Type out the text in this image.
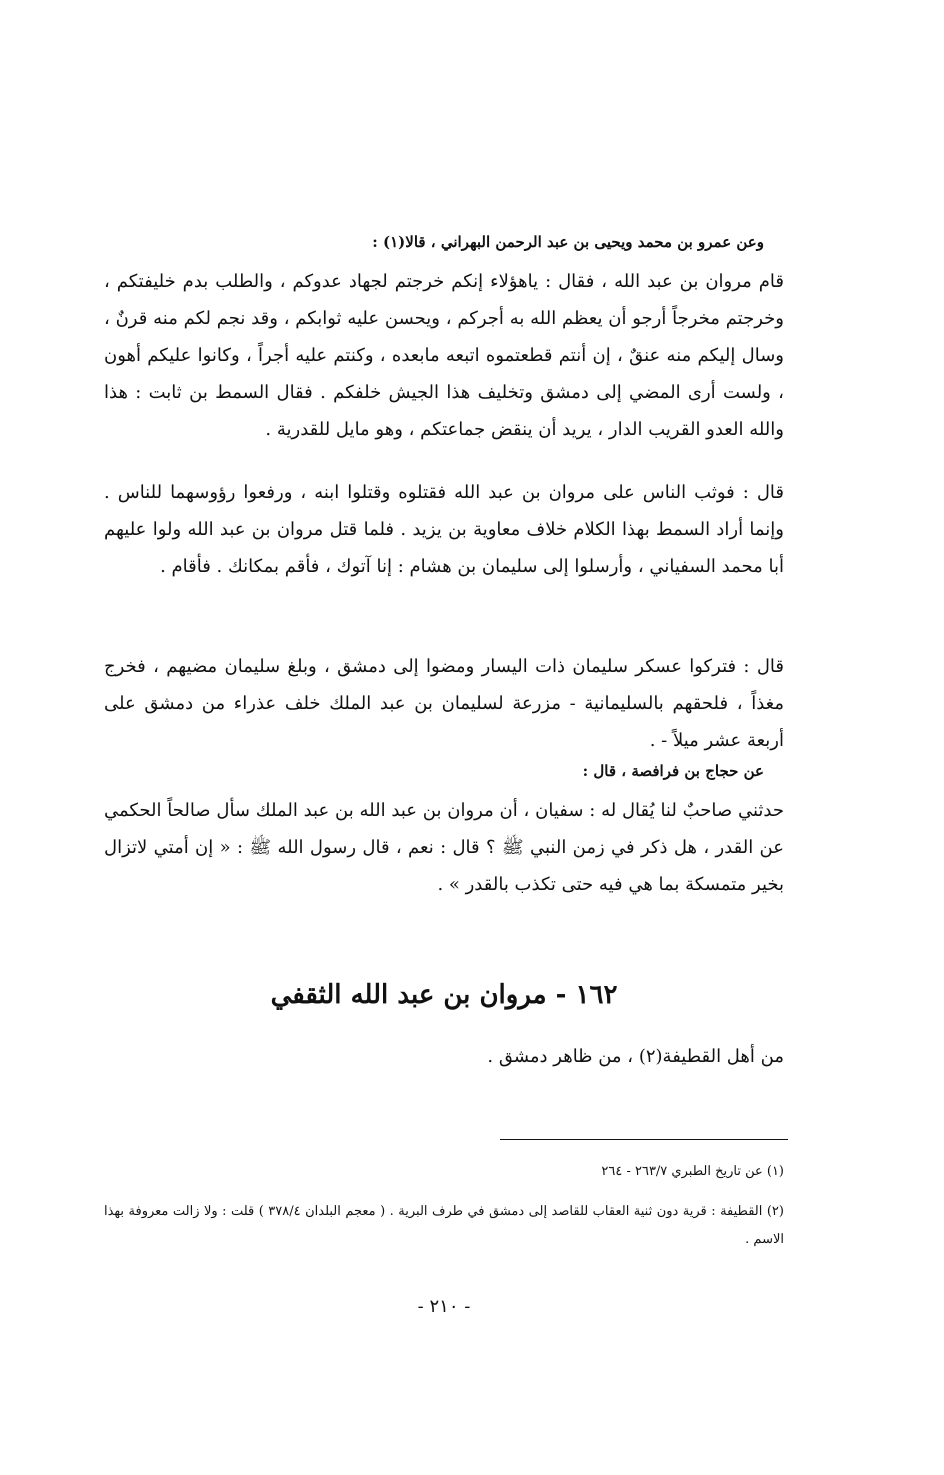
وعن عمرو بن محمد ويحيى بن عبد الرحمن البهراني ، قالا(١) :
قام مروان بن عبد الله ، فقال : ياهؤلاء إنكم خرجتم لجهاد عدوكم ، والطلب بدم خليفتكم ، وخرجتم مخرجاً أرجو أن يعظم الله به أجركم ، ويحسن عليه ثوابكم ، وقد نجم لكم منه قرنٌ ، وسال إليكم منه عنقٌ ، إن أنتم قطعتموه اتبعه مابعده ، وكنتم عليه أجراً ، وكانوا عليكم أهون ، ولست أرى المضي إلى دمشق وتخليف هذا الجيش خلفكم . فقال السمط بن ثابت : هذا والله العدو القريب الدار ، يريد أن ينقض جماعتكم ، وهو مايل للقدرية .
قال : فوثب الناس على مروان بن عبد الله فقتلوه وقتلوا ابنه ، ورفعوا رؤوسهما للناس . وإنما أراد السمط بهذا الكلام خلاف معاوية بن يزيد . فلما قتل مروان بن عبد الله ولوا عليهم أبا محمد السفياني ، وأرسلوا إلى سليمان بن هشام : إنا آتوك ، فأقم بمكانك . فأقام .
قال : فتركوا عسكر سليمان ذات اليسار ومضوا إلى دمشق ، وبلغ سليمان مضيهم ، فخرج مغذاً ، فلحقهم بالسليمانية - مزرعة لسليمان بن عبد الملك خلف عذراء من دمشق على أربعة عشر ميلاً - .
عن حجاج بن فرافصة ، قال :
حدثني صاحبٌ لنا يُقال له : سفيان ، أن مروان بن عبد الله بن عبد الملك سأل صالحاً الحكمي عن القدر ، هل ذكر في زمن النبي ﷺ ؟ قال : نعم ، قال رسول الله ﷺ : « إن أمتي لاتزال بخير متمسكة بما هي فيه حتى تكذب بالقدر » .
١٦٢ - مروان بن عبد الله الثقفي
من أهل القطيفة(٢) ، من ظاهر دمشق .
(١) عن تاريخ الطبري ٢٦٣/٧ - ٢٦٤
(٢) القطيفة : قرية دون ثنية العقاب للقاصد إلى دمشق في طرف البرية . ( معجم البلدان ٣٧٨/٤ ) قلت : ولا زالت معروفة بهذا الاسم .
- ٢١٠ -
